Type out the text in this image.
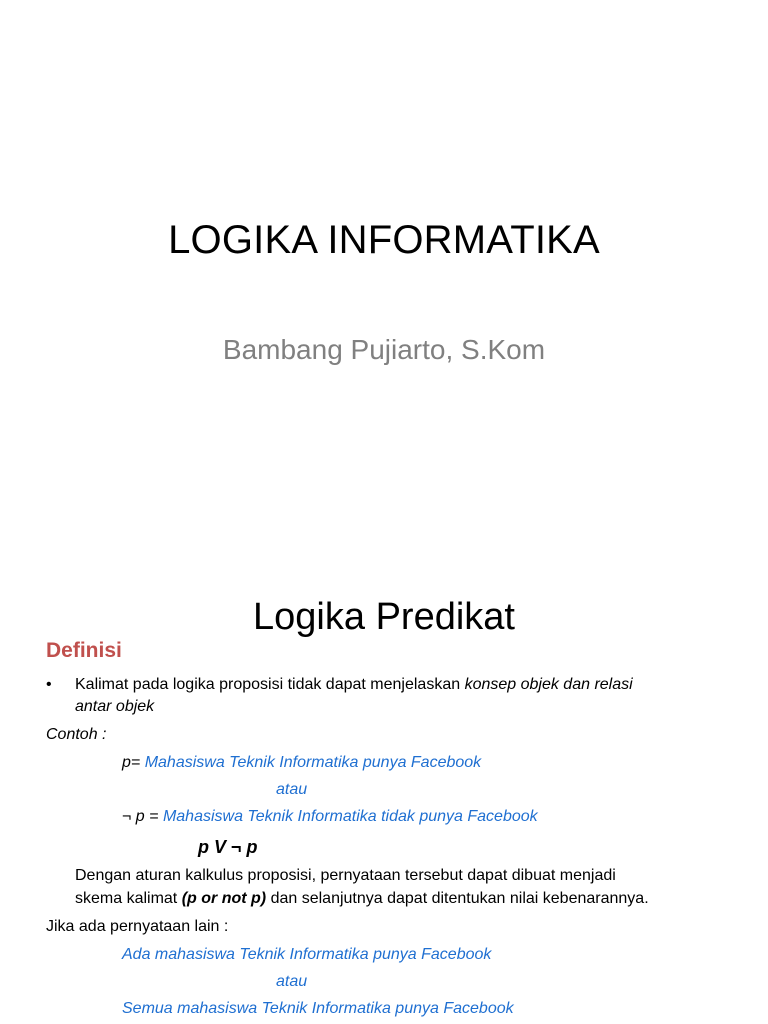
LOGIKA INFORMATIKA
Bambang Pujiarto, S.Kom
Logika Predikat
Definisi
• Kalimat pada logika proposisi tidak dapat menjelaskan konsep objek dan relasi
antar objek
Contoh :
p= Mahasiswa Teknik Informatika punya Facebook
atau
¬ p = Mahasiswa Teknik Informatika tidak punya Facebook
p V ¬ p
Dengan aturan kalkulus proposisi, pernyataan tersebut dapat dibuat menjadi
skema kalimat (p or not p) dan selanjutnya dapat ditentukan nilai kebenarannya.
Jika ada pernyataan lain :
Ada mahasiswa Teknik Informatika punya Facebook
atau
Semua mahasiswa Teknik Informatika punya Facebook
